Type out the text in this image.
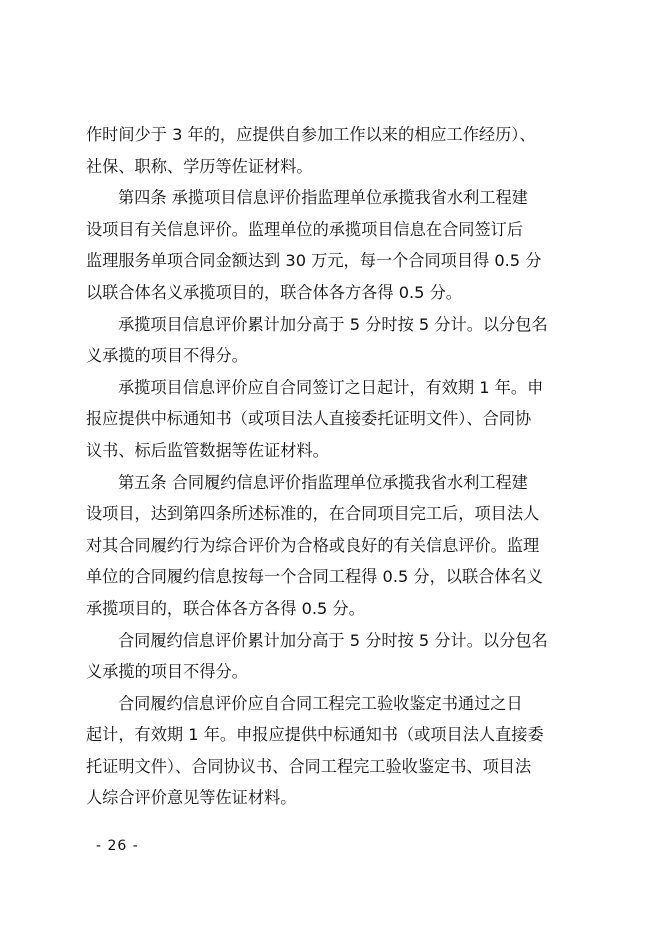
作时间少于 3 年的，应提供自参加工作以来的相应工作经历）、
社保、职称、学历等佐证材料。
第四条 承揽项目信息评价指监理单位承揽我省水利工程建
设项目有关信息评价。监理单位的承揽项目信息在合同签订后
监理服务单项合同金额达到 30 万元，每一个合同项目得 0.5 分
以联合体名义承揽项目的，联合体各方各得 0.5 分。
承揽项目信息评价累计加分高于 5 分时按 5 分计。以分包名
义承揽的项目不得分。
承揽项目信息评价应自合同签订之日起计，有效期 1 年。申
报应提供中标通知书（或项目法人直接委托证明文件）、合同协
议书、标后监管数据等佐证材料。
第五条 合同履约信息评价指监理单位承揽我省水利工程建
设项目，达到第四条所述标准的，在合同项目完工后，项目法人
对其合同履约行为综合评价为合格或良好的有关信息评价。监理
单位的合同履约信息按每一个合同工程得 0.5 分，以联合体名义
承揽项目的，联合体各方各得 0.5 分。
合同履约信息评价累计加分高于 5 分时按 5 分计。以分包名
义承揽的项目不得分。
合同履约信息评价应自合同工程完工验收鉴定书通过之日
起计，有效期 1 年。申报应提供中标通知书（或项目法人直接委
托证明文件）、合同协议书、合同工程完工验收鉴定书、项目法
人综合评价意见等佐证材料。
- 26 -
